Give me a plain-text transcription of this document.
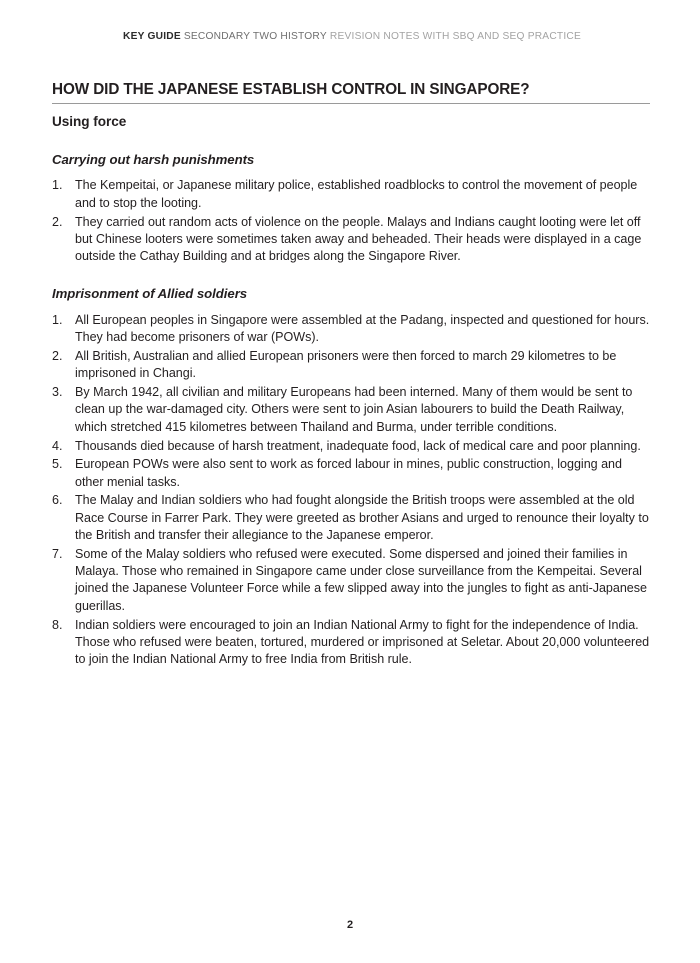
KEY GUIDE SECONDARY TWO HISTORY REVISION NOTES WITH SBQ AND SEQ PRACTICE
HOW DID THE JAPANESE ESTABLISH CONTROL IN SINGAPORE?
Using force
Carrying out harsh punishments
1.	The Kempeitai, or Japanese military police, established roadblocks to control the movement of people and to stop the looting.
2.	They carried out random acts of violence on the people. Malays and Indians caught looting were let off but Chinese looters were sometimes taken away and beheaded. Their heads were displayed in a cage outside the Cathay Building and at bridges along the Singapore River.
Imprisonment of Allied soldiers
1.	All European peoples in Singapore were assembled at the Padang, inspected and questioned for hours. They had become prisoners of war (POWs).
2.	All British, Australian and allied European prisoners were then forced to march 29 kilometres to be imprisoned in Changi.
3.	By March 1942, all civilian and military Europeans had been interned. Many of them would be sent to clean up the war-damaged city. Others were sent to join Asian labourers to build the Death Railway, which stretched 415 kilometres between Thailand and Burma, under terrible conditions.
4.	Thousands died because of harsh treatment, inadequate food, lack of medical care and poor planning.
5.	European POWs were also sent to work as forced labour in mines, public construction, logging and other menial tasks.
6.	The Malay and Indian soldiers who had fought alongside the British troops were assembled at the old Race Course in Farrer Park. They were greeted as brother Asians and urged to renounce their loyalty to the British and transfer their allegiance to the Japanese emperor.
7.	Some of the Malay soldiers who refused were executed. Some dispersed and joined their families in Malaya. Those who remained in Singapore came under close surveillance from the Kempeitai. Several joined the Japanese Volunteer Force while a few slipped away into the jungles to fight as anti-Japanese guerillas.
8.	Indian soldiers were encouraged to join an Indian National Army to fight for the independence of India. Those who refused were beaten, tortured, murdered or imprisoned at Seletar. About 20,000 volunteered to join the Indian National Army to free India from British rule.
2
